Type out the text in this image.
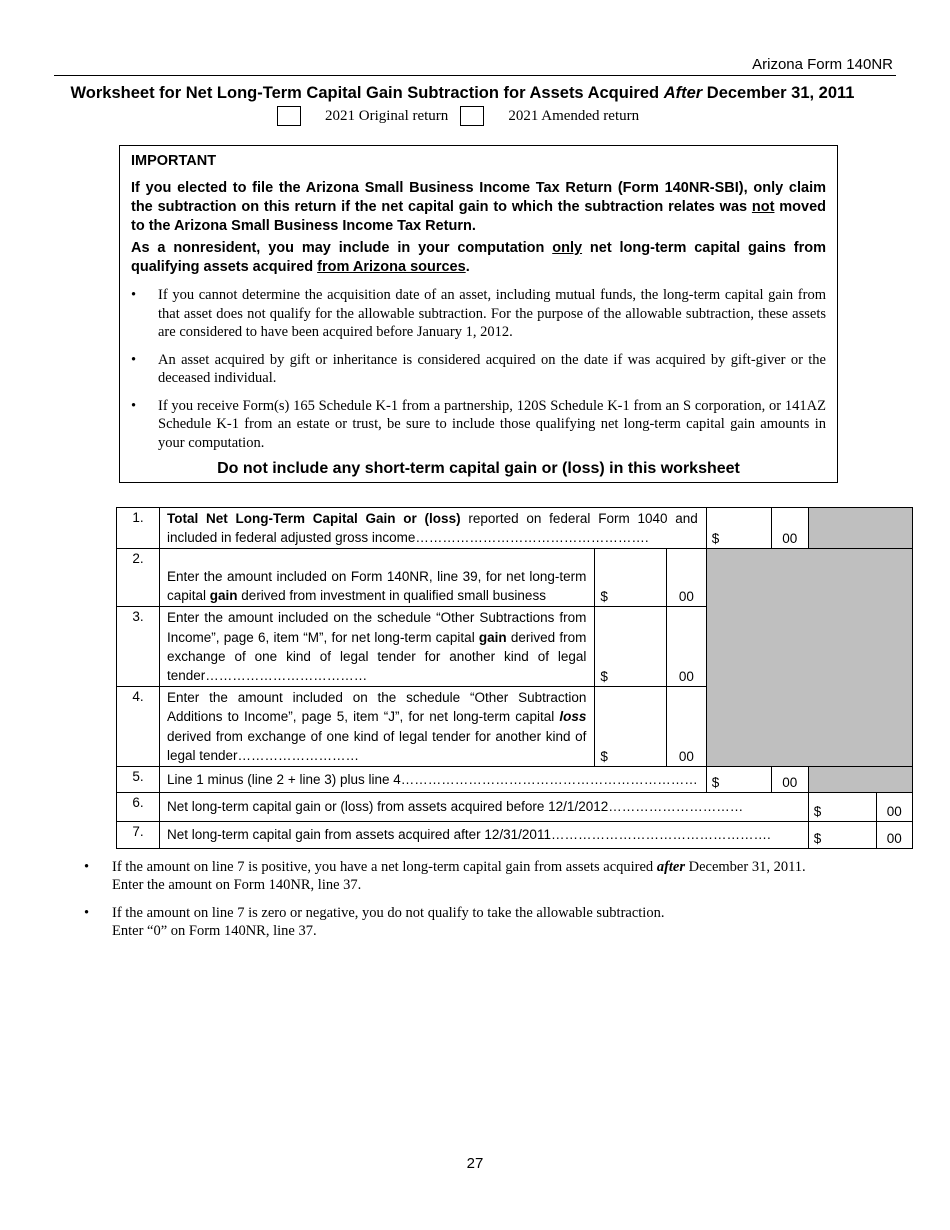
Arizona Form 140NR
Worksheet for Net Long-Term Capital Gain Subtraction for Assets Acquired After December 31, 2011
2021 Original return	2021 Amended return
IMPORTANT
If you elected to file the Arizona Small Business Income Tax Return (Form 140NR-SBI), only claim the subtraction on this return if the net capital gain to which the subtraction relates was not moved to the Arizona Small Business Income Tax Return.
As a nonresident, you may include in your computation only net long-term capital gains from qualifying assets acquired from Arizona sources.
• If you cannot determine the acquisition date of an asset, including mutual funds, the long-term capital gain from that asset does not qualify for the allowable subtraction. For the purpose of the allowable subtraction, these assets are considered to have been acquired before January 1, 2012.
• An asset acquired by gift or inheritance is considered acquired on the date if was acquired by gift-giver or the deceased individual.
• If you receive Form(s) 165 Schedule K-1 from a partnership, 120S Schedule K-1 from an S corporation, or 141AZ Schedule K-1 from an estate or trust, be sure to include those qualifying net long-term capital gain amounts in your computation.
Do not include any short-term capital gain or (loss) in this worksheet
1.	Total Net Long-Term Capital Gain or (loss) reported on federal Form 1040 and included in federal adjusted gross income…………………………………………….			$	00		
2.	Enter the amount included on Form 140NR, line 39, for net long-term capital gain derived from investment in qualified small business	$	00				
3.	Enter the amount included on the schedule “Other Subtractions from Income”, page 6, item “M”, for net long-term capital gain derived from exchange of one kind of legal tender for another kind of legal tender………………………………	$	00				
4.	Enter the amount included on the schedule “Other Subtraction Additions to Income”, page 5, item “J”, for net long-term capital loss derived from exchange of one kind of legal tender for another kind of legal tender………………………	$	00				
5.	Line 1 minus (line 2 + line 3) plus line 4…………………………………………………………			$	00		
6.	Net long-term capital gain or (loss) from assets acquired before 12/1/2012…………………………					$	00
7.	Net long-term capital gain from assets acquired after 12/31/2011………………………………………….					$	00
• If the amount on line 7 is positive, you have a net long-term capital gain from assets acquired after December 31, 2011.
Enter the amount on Form 140NR, line 37.
• If the amount on line 7 is zero or negative, you do not qualify to take the allowable subtraction.
Enter “0” on Form 140NR, line 37.
27
